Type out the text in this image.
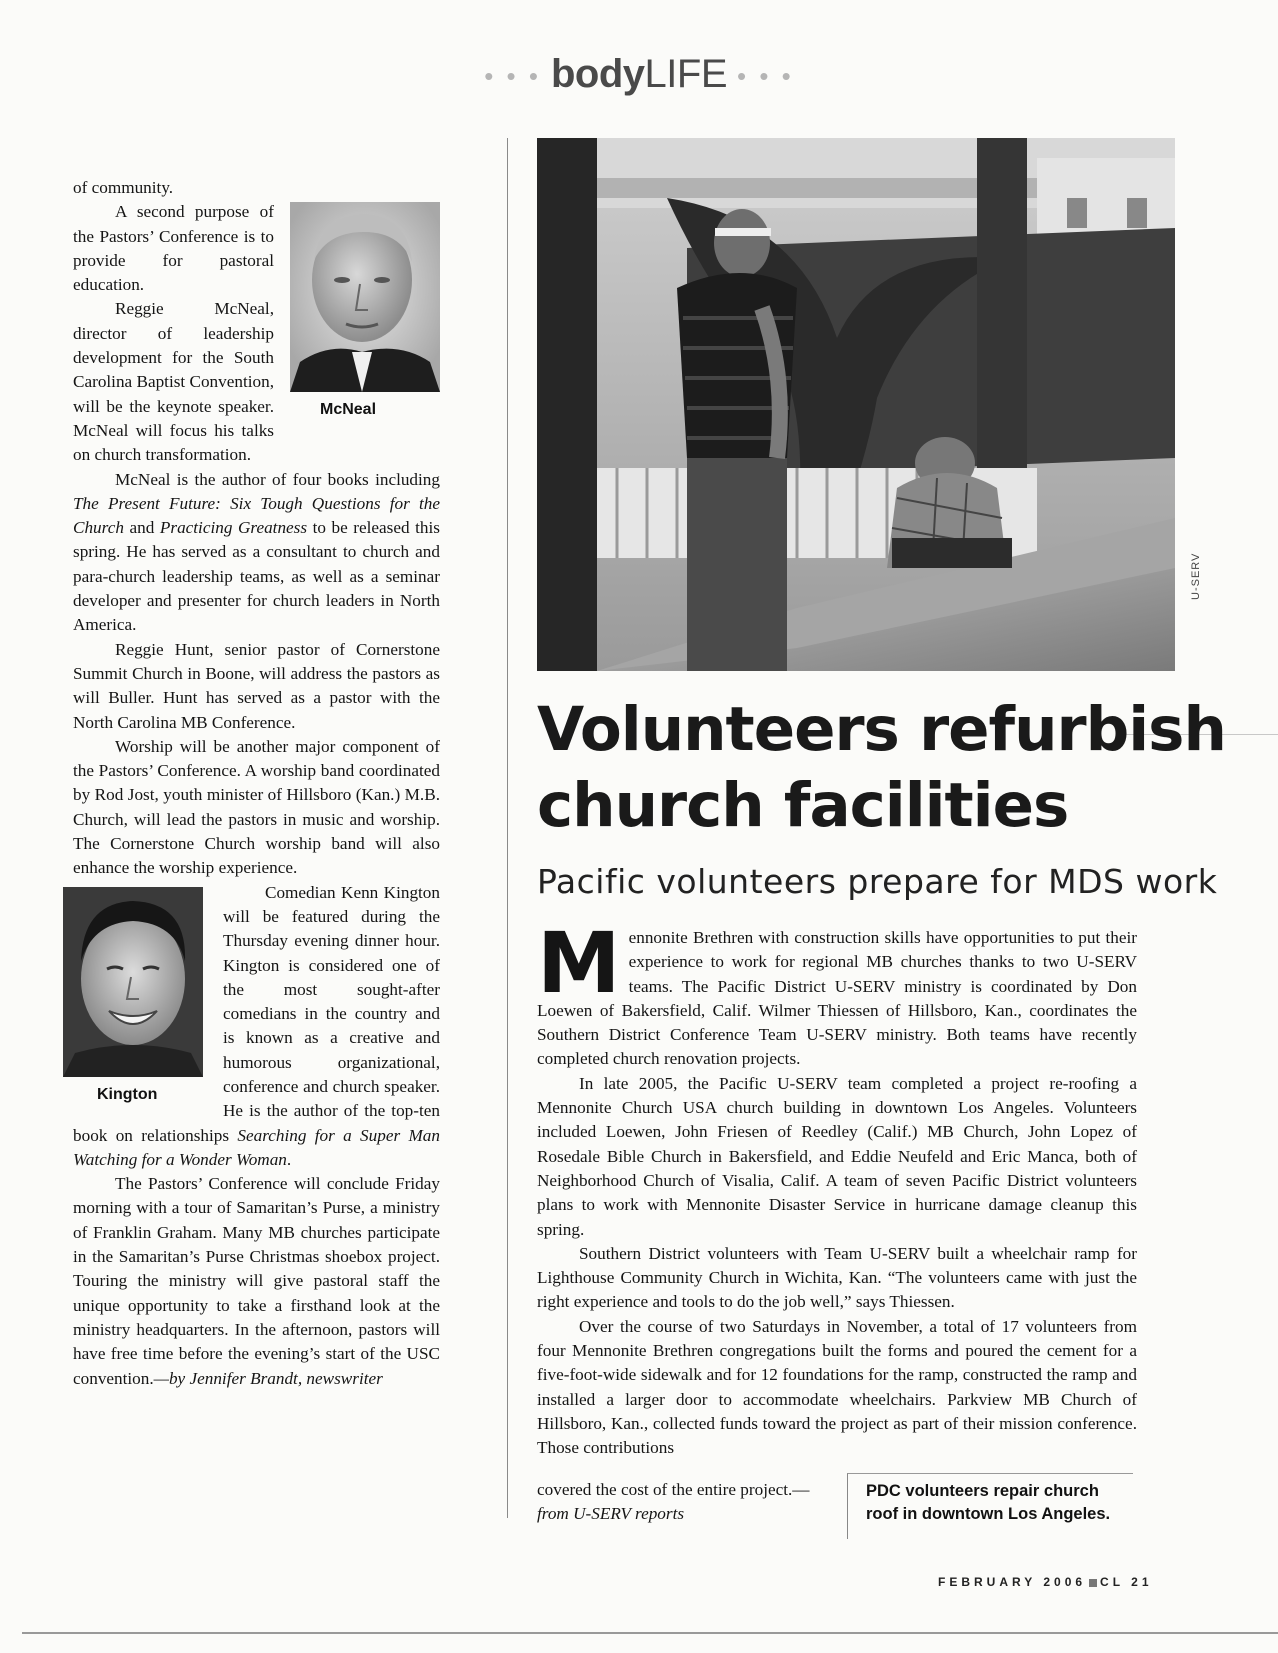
• • • bodyLIFE • • •

of community.

McNeal

A second purpose of the Pastors’ Conference is to provide for pastoral education.

Reggie McNeal, director of leadership development for the South Carolina Baptist Convention, will be the keynote speaker. McNeal will focus his talks on church transformation.

McNeal is the author of four books including The Present Future: Six Tough Questions for the Church and Practicing Greatness to be released this spring. He has served as a consultant to church and para-church leadership teams, as well as a seminar developer and presenter for church leaders in North America.

Reggie Hunt, senior pastor of Cornerstone Summit Church in Boone, will address the pastors as will Buller. Hunt has served as a pastor with the North Carolina MB Conference.

Worship will be another major component of the Pastors’ Conference. A worship band coordinated by Rod Jost, youth minister of Hillsboro (Kan.) M.B. Church, will lead the pastors in music and worship. The Cornerstone Church worship band will also enhance the worship experience.

Kington

Comedian Kenn Kington will be featured during the Thursday evening dinner hour. Kington is considered one of the most sought-after comedians in the country and is known as a creative and humorous organizational, conference and church speaker. He is the author of the top-ten book on relationships Searching for a Super Man Watching for a Wonder Woman.

The Pastors’ Conference will conclude Friday morning with a tour of Samaritan’s Purse, a ministry of Franklin Graham. Many MB churches participate in the Samaritan’s Purse Christmas shoebox project. Touring the ministry will give pastoral staff the unique opportunity to take a firsthand look at the ministry headquarters. In the afternoon, pastors will have free time before the evening’s start of the USC convention.—by Jennifer Brandt, newswriter

U-SERV
Volunteers refurbish
church facilities
Pacific volunteers prepare for MDS work

Mennonite Brethren with construction skills have opportunities to put their experience to work for regional MB churches thanks to two U-SERV teams. The Pacific District U-SERV ministry is coordinated by Don Loewen of Bakersfield, Calif. Wilmer Thiessen of Hillsboro, Kan., coordinates the Southern District Conference Team U-SERV ministry. Both teams have recently completed church renovation projects.

In late 2005, the Pacific U-SERV team completed a project re-roofing a Mennonite Church USA church building in downtown Los Angeles. Volunteers included Loewen, John Friesen of Reedley (Calif.) MB Church, John Lopez of Rosedale Bible Church in Bakersfield, and Eddie Neufeld and Eric Manca, both of Neighborhood Church of Visalia, Calif. A team of seven Pacific District volunteers plans to work with Mennonite Disaster Service in hurricane damage cleanup this spring.

Southern District volunteers with Team U-SERV built a wheelchair ramp for Lighthouse Community Church in Wichita, Kan. “The volunteers came with just the right experience and tools to do the job well,” says Thiessen.

Over the course of two Saturdays in November, a total of 17 volunteers from four Mennonite Brethren congregations built the forms and poured the cement for a five-foot-wide sidewalk and for 12 foundations for the ramp, constructed the ramp and installed a larger door to accommodate wheelchairs. Parkview MB Church of Hillsboro, Kan., collected funds toward the project as part of their mission conference. Those contributions

covered the cost of the entire project.—
from U-SERV reports
PDC volunteers repair church roof in downtown Los Angeles.
FEBRUARY 2006 CL 21
